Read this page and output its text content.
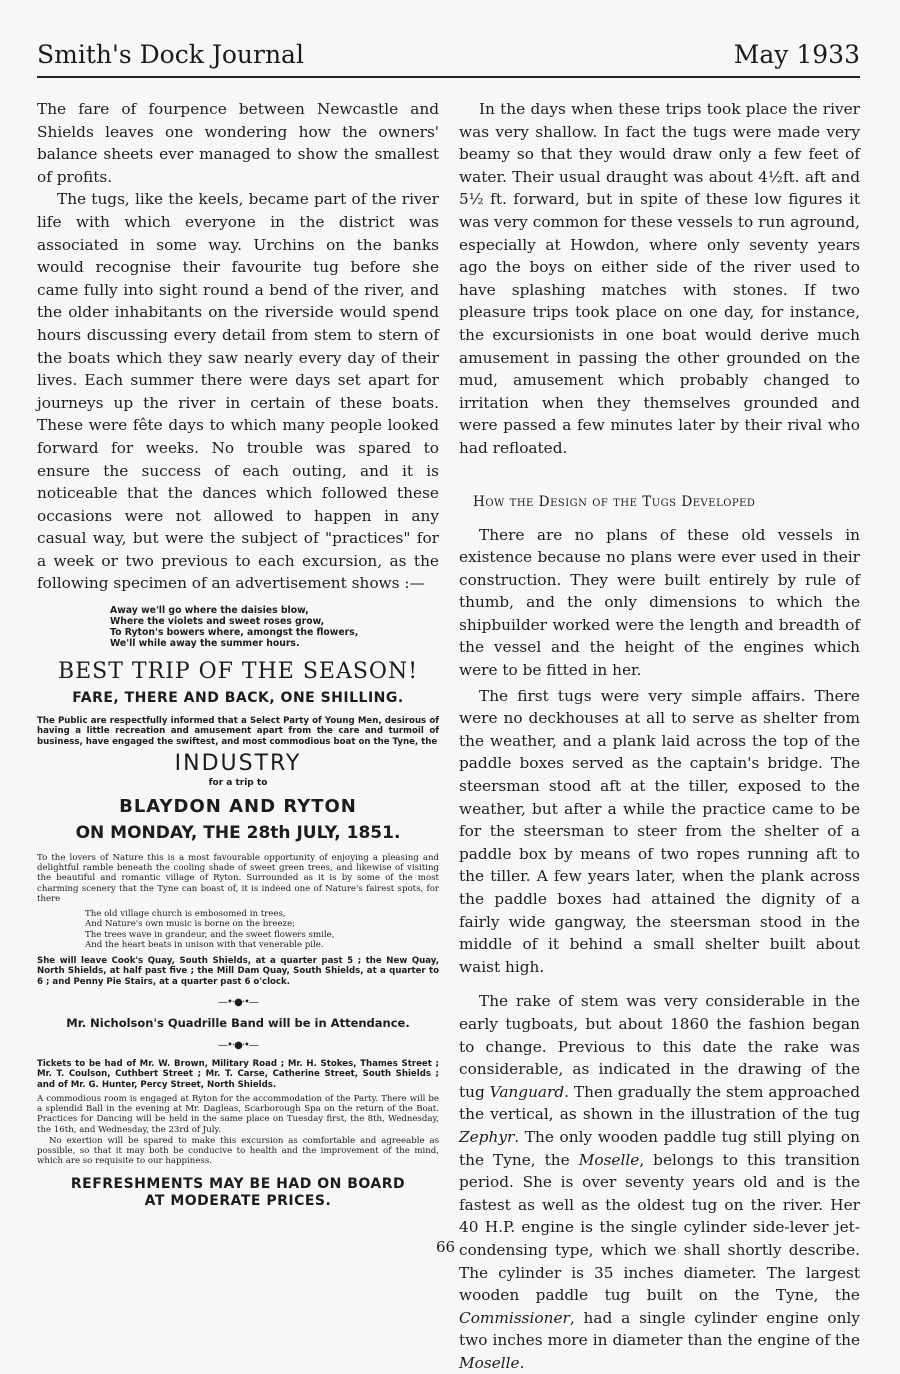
Smith's Dock Journal	May 1933

The fare of fourpence between Newcastle and Shields leaves one wondering how the owners' balance sheets ever managed to show the smallest of profits.

The tugs, like the keels, became part of the river life with which everyone in the district was associated in some way. Urchins on the banks would recognise their favourite tug before she came fully into sight round a bend of the river, and the older inhabitants on the riverside would spend hours discussing every detail from stem to stern of the boats which they saw nearly every day of their lives. Each summer there were days set apart for journeys up the river in certain of these boats. These were fête days to which many people looked forward for weeks. No trouble was spared to ensure the success of each outing, and it is noticeable that the dances which followed these occasions were not allowed to happen in any casual way, but were the subject of "practices" for a week or two previous to each excursion, as the following specimen of an advertisement shows :—

Away we'll go where the daisies blow,
Where the violets and sweet roses grow,
To Ryton's bowers where, amongst the flowers,
We'll while away the summer hours.
BEST TRIP OF THE SEASON!
FARE, THERE AND BACK, ONE SHILLING.
The Public are respectfully informed that a Select Party of Young Men, desirous of having a little recreation and amusement apart from the care and turmoil of business, have engaged the swiftest, and most commodious boat on the Tyne, the
INDUSTRY
for a trip to
BLAYDON AND RYTON
ON MONDAY, THE 28th JULY, 1851.
To the lovers of Nature this is a most favourable opportunity of enjoying a pleasing and delightful ramble beneath the cooling shade of sweet green trees, and likewise of visiting the beautiful and romantic village of Ryton. Surrounded as it is by some of the most charming scenery that the Tyne can boast of, it is indeed one of Nature's fairest spots, for there
The old village church is embosomed in trees,
And Nature's own music is borne on the breeze;
The trees wave in grandeur, and the sweet flowers smile,
And the heart beats in unison with that venerable pile.
She will leave Cook's Quay, South Shields, at a quarter past 5 ; the New Quay, North Shields, at half past five ; the Mill Dam Quay, South Shields, at a quarter to 6 ; and Penny Pie Stairs, at a quarter past 6 o'clock.
—•·●·•—
Mr. Nicholson's Quadrille Band will be in Attendance.
—•·●·•—
Tickets to be had of Mr. W. Brown, Military Road ; Mr. H. Stokes, Thames Street ; Mr. T. Coulson, Cuthbert Street ; Mr. T. Carse, Catherine Street, South Shields ; and of Mr. G. Hunter, Percy Street, North Shields.
A commodious room is engaged at Ryton for the accommodation of the Party. There will be a splendid Ball in the evening at Mr. Dagleas, Scarborough Spa on the return of the Boat. Practices for Dancing will be held in the same place on Tuesday first, the 8th, Wednesday, the 16th, and Wednesday, the 23rd of July.
No exertion will be spared to make this excursion as comfortable and agreeable as possible, so that it may both be conducive to health and the improvement of the mind, which are so requisite to our happiness.
REFRESHMENTS MAY BE HAD ON BOARD
AT MODERATE PRICES.

In the days when these trips took place the river was very shallow. In fact the tugs were made very beamy so that they would draw only a few feet of water. Their usual draught was about 4½ft. aft and 5½ ft. forward, but in spite of these low figures it was very common for these vessels to run aground, especially at Howdon, where only seventy years ago the boys on either side of the river used to have splashing matches with stones. If two pleasure trips took place on one day, for instance, the excursionists in one boat would derive much amusement in passing the other grounded on the mud, amusement which probably changed to irritation when they themselves grounded and were passed a few minutes later by their rival who had refloated.

How the Design of the Tugs Developed

There are no plans of these old vessels in existence because no plans were ever used in their construction. They were built entirely by rule of thumb, and the only dimensions to which the shipbuilder worked were the length and breadth of the vessel and the height of the engines which were to be fitted in her.

The first tugs were very simple affairs. There were no deckhouses at all to serve as shelter from the weather, and a plank laid across the top of the paddle boxes served as the captain's bridge. The steersman stood aft at the tiller, exposed to the weather, but after a while the practice came to be for the steersman to steer from the shelter of a paddle box by means of two ropes running aft to the tiller. A few years later, when the plank across the paddle boxes had attained the dignity of a fairly wide gangway, the steersman stood in the middle of it behind a small shelter built about waist high.

The rake of stem was very considerable in the early tugboats, but about 1860 the fashion began to change. Previous to this date the rake was considerable, as indicated in the drawing of the tug Vanguard. Then gradually the stem approached the vertical, as shown in the illustration of the tug Zephyr. The only wooden paddle tug still plying on the Tyne, the Moselle, belongs to this transition period. She is over seventy years old and is the fastest as well as the oldest tug on the river. Her 40 H.P. engine is the single cylinder side-lever jet-condensing type, which we shall shortly describe. The cylinder is 35 inches diameter. The largest wooden paddle tug built on the Tyne, the Commissioner, had a single cylinder engine only two inches more in diameter than the engine of the Moselle.

66
